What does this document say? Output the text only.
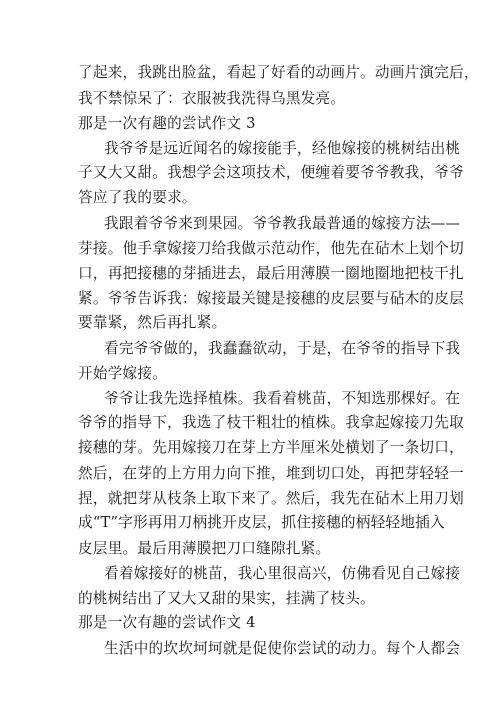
了起来，我跳出脸盆，看起了好看的动画片。动画片演完后，
我不禁惊呆了：衣服被我洗得乌黑发亮。
那是一次有趣的尝试作文 3
我爷爷是远近闻名的嫁接能手，经他嫁接的桃树结出桃
子又大又甜。我想学会这项技术，便缠着要爷爷教我，爷爷
答应了我的要求。
我跟着爷爷来到果园。爷爷教我最普通的嫁接方法——
芽接。他手拿嫁接刀给我做示范动作，他先在砧木上划个切
口，再把接穗的芽插进去，最后用薄膜一圈地圈地把枝干扎
紧。爷爷告诉我：嫁接最关键是接穗的皮层要与砧木的皮层
要靠紧，然后再扎紧。
看完爷爷做的，我蠢蠢欲动，于是，在爷爷的指导下我
开始学嫁接。
爷爷让我先选择植株。我看着桃苗，不知选那棵好。在
爷爷的指导下，我选了枝干粗壮的植株。我拿起嫁接刀先取
接穗的芽。先用嫁接刀在芽上方半厘米处横划了一条切口，
然后，在芽的上方用力向下推，堆到切口处，再把芽轻轻一
捏，就把芽从枝条上取下来了。然后，我先在砧木上用刀划
成“T”字形再用刀柄挑开皮层，抓住接穗的柄轻轻地插入
皮层里。最后用薄膜把刀口缝隙扎紧。
看着嫁接好的桃苗，我心里很高兴，仿佛看见自己嫁接
的桃树结出了又大又甜的果实，挂满了枝头。
那是一次有趣的尝试作文 4
生活中的坎坎坷坷就是促使你尝试的动力。每个人都会
